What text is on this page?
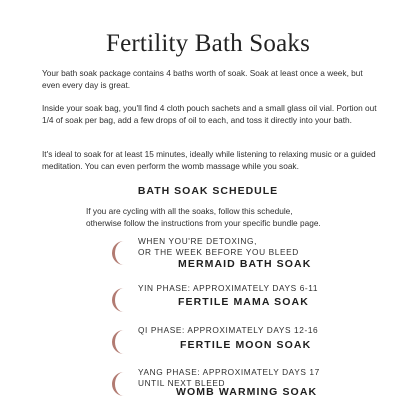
Fertility Bath Soaks

Your bath soak package contains 4 baths worth of soak. Soak at least once a week, but even every day is great.

Inside your soak bag, you'll find 4 cloth pouch sachets and a small glass oil vial. Portion out 1/4 of soak per bag, add a few drops of oil to each, and toss it directly into your bath.

It's ideal to soak for at least 15 minutes, ideally while listening to relaxing music or a guided meditation. You can even perform the womb massage while you soak.

BATH SOAK SCHEDULE
If you are cycling with all the soaks, follow this schedule,
otherwise follow the instructions from your specific bundle page.
WHEN YOU'RE DETOXING,
OR THE WEEK BEFORE YOU BLEED
MERMAID BATH SOAK
YIN PHASE: APPROXIMATELY DAYS 6-11
FERTILE MAMA SOAK
QI PHASE: APPROXIMATELY DAYS 12-16
FERTILE MOON SOAK
YANG PHASE: APPROXIMATELY DAYS 17
UNTIL NEXT BLEED
WOMB WARMING SOAK
